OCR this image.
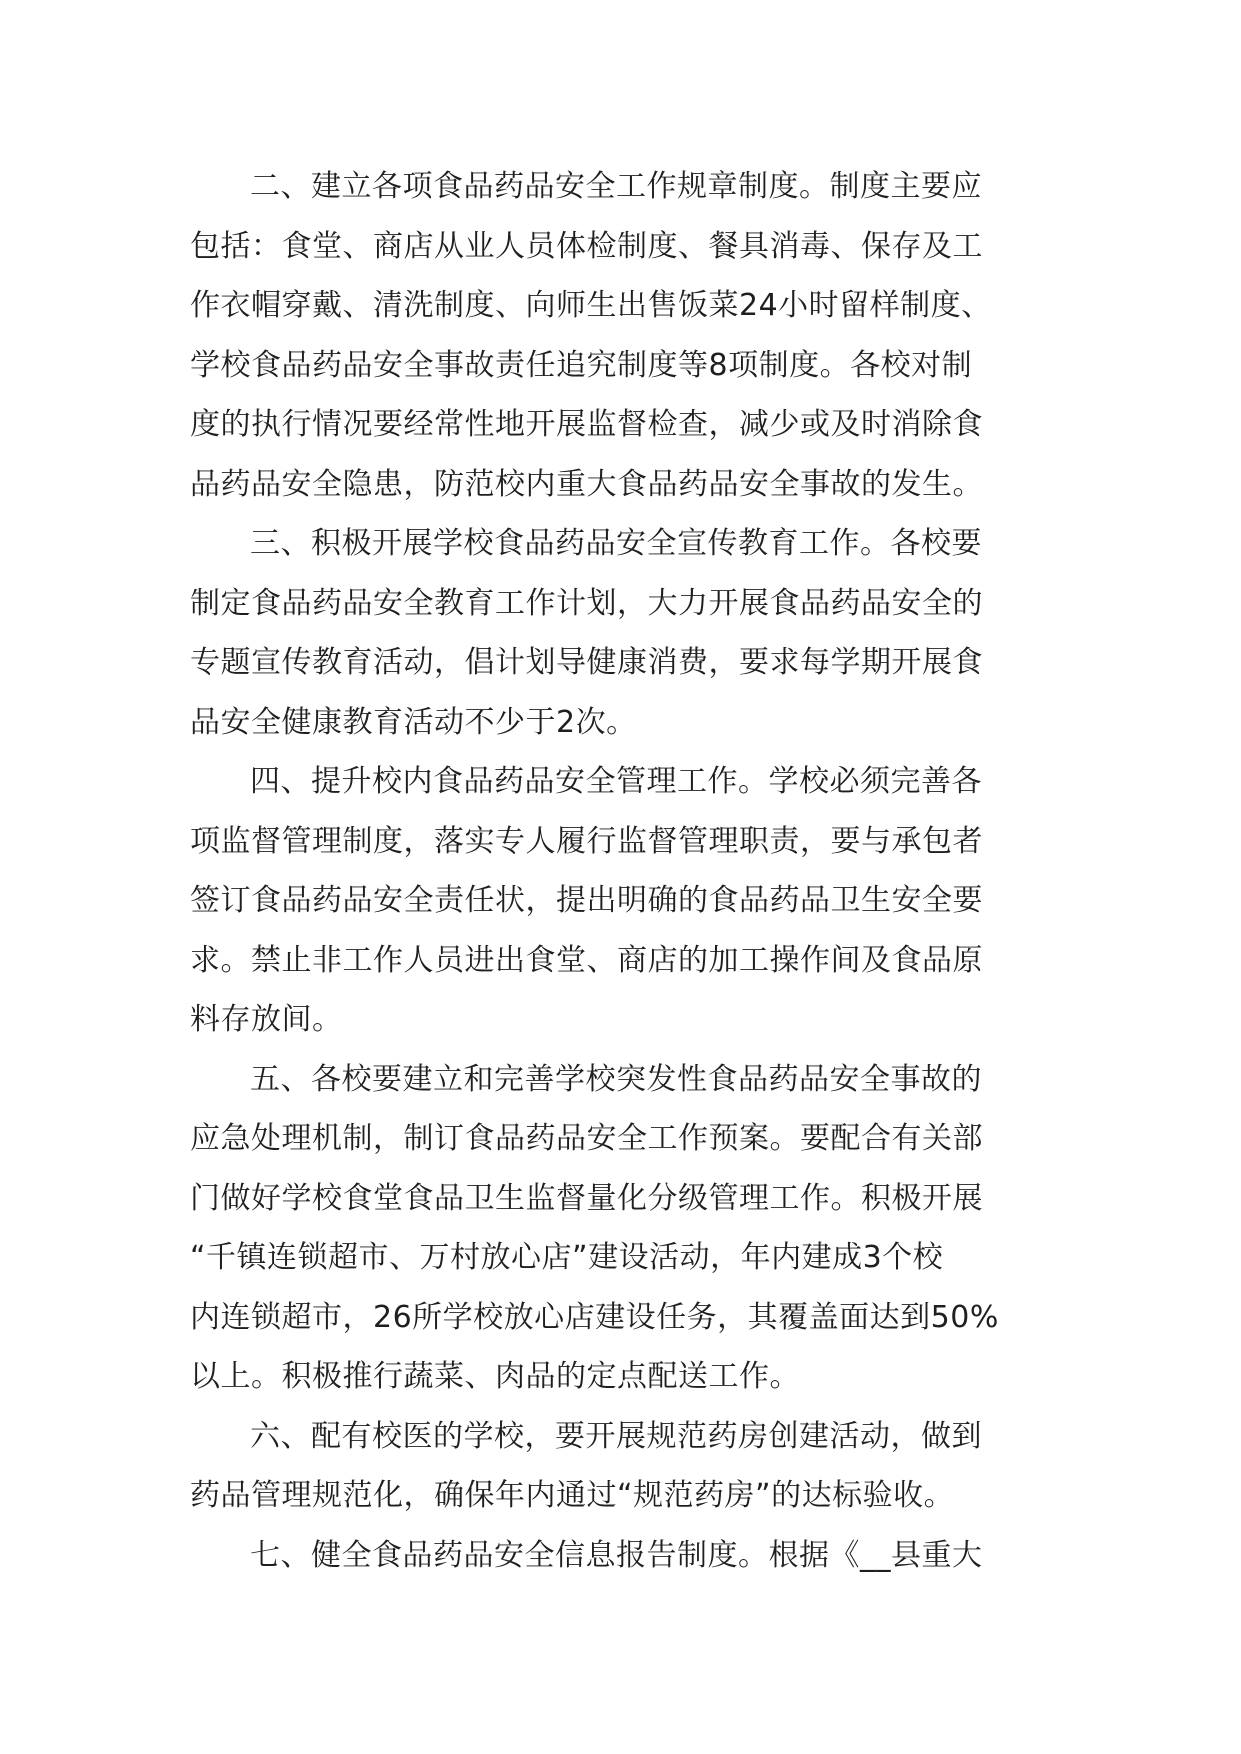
二、建立各项食品药品安全工作规章制度。制度主要应
包括：食堂、商店从业人员体检制度、餐具消毒、保存及工
作衣帽穿戴、清洗制度、向师生出售饭菜24小时留样制度、
学校食品药品安全事故责任追究制度等8项制度。各校对制
度的执行情况要经常性地开展监督检查，减少或及时消除食
品药品安全隐患，防范校内重大食品药品安全事故的发生。
三、积极开展学校食品药品安全宣传教育工作。各校要
制定食品药品安全教育工作计划，大力开展食品药品安全的
专题宣传教育活动，倡计划导健康消费，要求每学期开展食
品安全健康教育活动不少于2次。
四、提升校内食品药品安全管理工作。学校必须完善各
项监督管理制度，落实专人履行监督管理职责，要与承包者
签订食品药品安全责任状，提出明确的食品药品卫生安全要
求。禁止非工作人员进出食堂、商店的加工操作间及食品原
料存放间。
五、各校要建立和完善学校突发性食品药品安全事故的
应急处理机制，制订食品药品安全工作预案。要配合有关部
门做好学校食堂食品卫生监督量化分级管理工作。积极开展
“千镇连锁超市、万村放心店”建设活动，年内建成3个校
内连锁超市，26所学校放心店建设任务，其覆盖面达到50%
以上。积极推行蔬菜、肉品的定点配送工作。
六、配有校医的学校，要开展规范药房创建活动，做到
药品管理规范化，确保年内通过“规范药房”的达标验收。
七、健全食品药品安全信息报告制度。根据《__县重大
